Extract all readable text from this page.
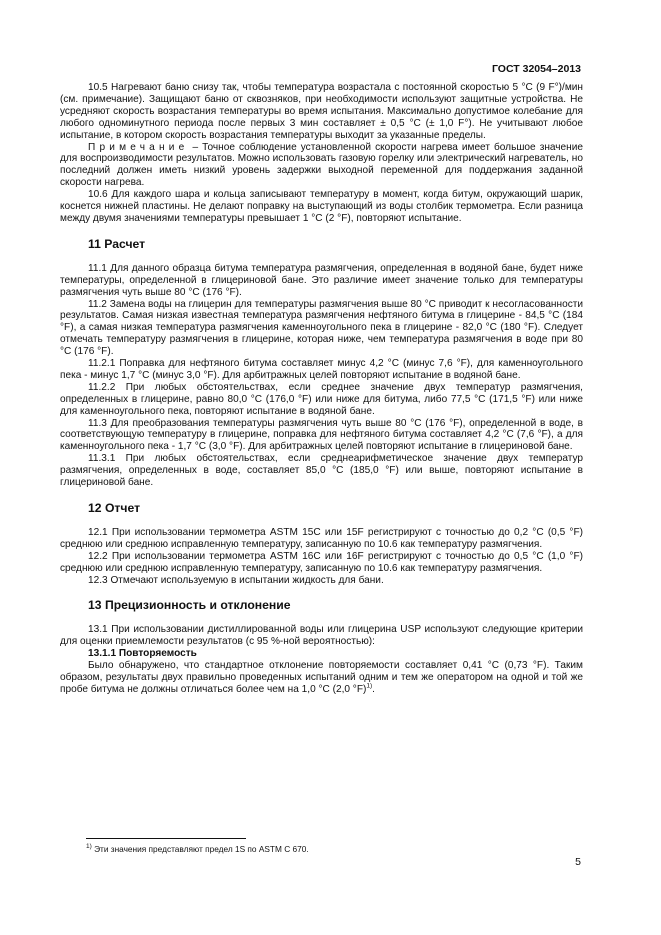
ГОСТ 32054–2013

10.5 Нагревают баню снизу так, чтобы температура возрастала с постоянной скоростью 5 °C (9 F°)/мин (см. примечание). Защищают баню от сквозняков, при необходимости используют защитные устройства. Не усредняют скорость возрастания температуры во время испытания. Максимально допустимое колебание для любого одноминутного периода после первых 3 мин составляет ± 0,5 °C (± 1,0 F°). Не учитывают любое испытание, в котором скорость возрастания температуры выходит за указанные пределы.

Примечание – Точное соблюдение установленной скорости нагрева имеет большое значение для воспроизводимости результатов. Можно использовать газовую горелку или электрический нагреватель, но последний должен иметь низкий уровень задержки выходной переменной для поддержания заданной скорости нагрева.

10.6 Для каждого шара и кольца записывают температуру в момент, когда битум, окружающий шарик, коснется нижней пластины. Не делают поправку на выступающий из воды столбик термометра. Если разница между двумя значениями температуры превышает 1 °C (2 °F), повторяют испытание.

11 Расчет

11.1 Для данного образца битума температура размягчения, определенная в водяной бане, будет ниже температуры, определенной в глицериновой бане. Это различие имеет значение только для температуры размягчения чуть выше 80 °C (176 °F).

11.2 Замена воды на глицерин для температуры размягчения выше 80 °C приводит к несогласованности результатов. Самая низкая известная температура размягчения нефтяного битума в глицерине - 84,5 °C (184 °F), а самая низкая температура размягчения каменноугольного пека в глицерине - 82,0 °C (180 °F). Следует отмечать температуру размягчения в глицерине, которая ниже, чем температура размягчения в воде при 80 °C (176 °F).

11.2.1 Поправка для нефтяного битума составляет минус 4,2 °C (минус 7,6 °F), для каменноугольного пека - минус 1,7 °C (минус 3,0 °F). Для арбитражных целей повторяют испытание в водяной бане.

11.2.2 При любых обстоятельствах, если среднее значение двух температур размягчения, определенных в глицерине, равно 80,0 °C (176,0 °F) или ниже для битума, либо 77,5 °C (171,5 °F) или ниже для каменноугольного пека, повторяют испытание в водяной бане.

11.3 Для преобразования температуры размягчения чуть выше 80 °C (176 °F), определенной в воде, в соответствующую температуру в глицерине, поправка для нефтяного битума составляет 4,2 °C (7,6 °F), а для каменноугольного пека - 1,7 °C (3,0 °F). Для арбитражных целей повторяют испытание в глицериновой бане.

11.3.1 При любых обстоятельствах, если среднеарифметическое значение двух температур размягчения, определенных в воде, составляет 85,0 °C (185,0 °F) или выше, повторяют испытание в глицериновой бане.

12 Отчет

12.1 При использовании термометра ASTM 15C или 15F регистрируют с точностью до 0,2 °C (0,5 °F) среднюю или среднюю исправленную температуру, записанную по 10.6 как температуру размягчения.

12.2 При использовании термометра ASTM 16C или 16F регистрируют с точностью до 0,5 °C (1,0 °F) среднюю или среднюю исправленную температуру, записанную по 10.6 как температуру размягчения.

12.3 Отмечают используемую в испытании жидкость для бани.

13 Прецизионность и отклонение

13.1 При использовании дистиллированной воды или глицерина USP используют следующие критерии для оценки приемлемости результатов (с 95 %-ной вероятностью):

13.1.1 Повторяемость

Было обнаружено, что стандартное отклонение повторяемости составляет 0,41 °C (0,73 °F). Таким образом, результаты двух правильно проведенных испытаний одним и тем же оператором на одной и той же пробе битума не должны отличаться более чем на 1,0 °C (2,0 °F)$^{1)}$.

$^{1)}$ Эти значения представляют предел 1S по ASTM C 670.
5
